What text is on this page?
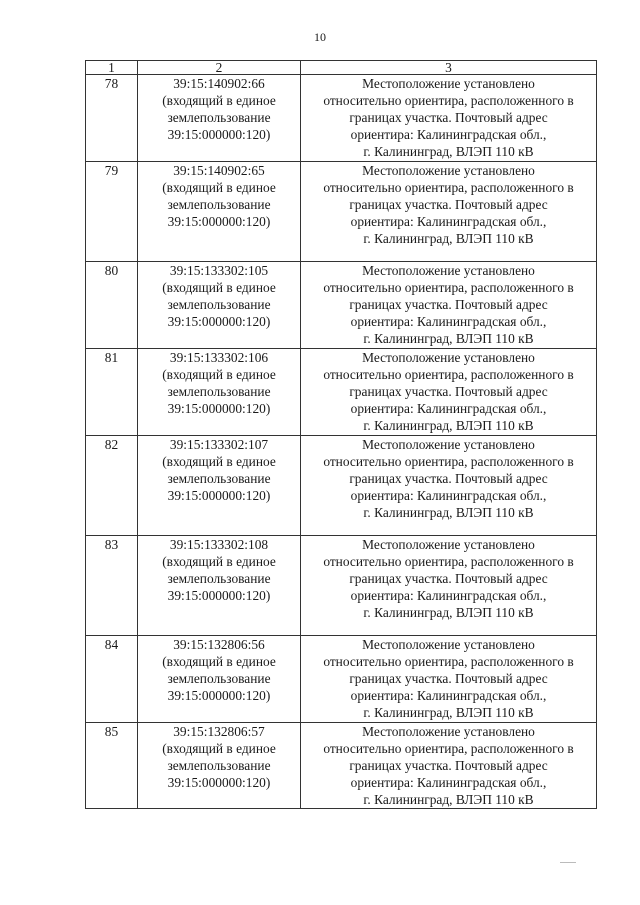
10
1	2	3

78	39:15:140902:66
(входящий в единое
землепользование
39:15:000000:120)	Местоположение установлено
относительно ориентира, расположенного в
границах участка. Почтовый адрес
ориентира: Калининградская обл.,
г. Калининград, ВЛЭП 110 кВ

79	39:15:140902:65
(входящий в единое
землепользование
39:15:000000:120)	Местоположение установлено
относительно ориентира, расположенного в
границах участка. Почтовый адрес
ориентира: Калининградская обл.,
г. Калининград, ВЛЭП 110 кВ

80	39:15:133302:105
(входящий в единое
землепользование
39:15:000000:120)	Местоположение установлено
относительно ориентира, расположенного в
границах участка. Почтовый адрес
ориентира: Калининградская обл.,
г. Калининград, ВЛЭП 110 кВ

81	39:15:133302:106
(входящий в единое
землепользование
39:15:000000:120)	Местоположение установлено
относительно ориентира, расположенного в
границах участка. Почтовый адрес
ориентира: Калининградская обл.,
г. Калининград, ВЛЭП 110 кВ

82	39:15:133302:107
(входящий в единое
землепользование
39:15:000000:120)	Местоположение установлено
относительно ориентира, расположенного в
границах участка. Почтовый адрес
ориентира: Калининградская обл.,
г. Калининград, ВЛЭП 110 кВ

83	39:15:133302:108
(входящий в единое
землепользование
39:15:000000:120)	Местоположение установлено
относительно ориентира, расположенного в
границах участка. Почтовый адрес
ориентира: Калининградская обл.,
г. Калининград, ВЛЭП 110 кВ

84	39:15:132806:56
(входящий в единое
землепользование
39:15:000000:120)	Местоположение установлено
относительно ориентира, расположенного в
границах участка. Почтовый адрес
ориентира: Калининградская обл.,
г. Калининград, ВЛЭП 110 кВ

85	39:15:132806:57
(входящий в единое
землепользование
39:15:000000:120)	Местоположение установлено
относительно ориентира, расположенного в
границах участка. Почтовый адрес
ориентира: Калининградская обл.,
г. Калининград, ВЛЭП 110 кВ
